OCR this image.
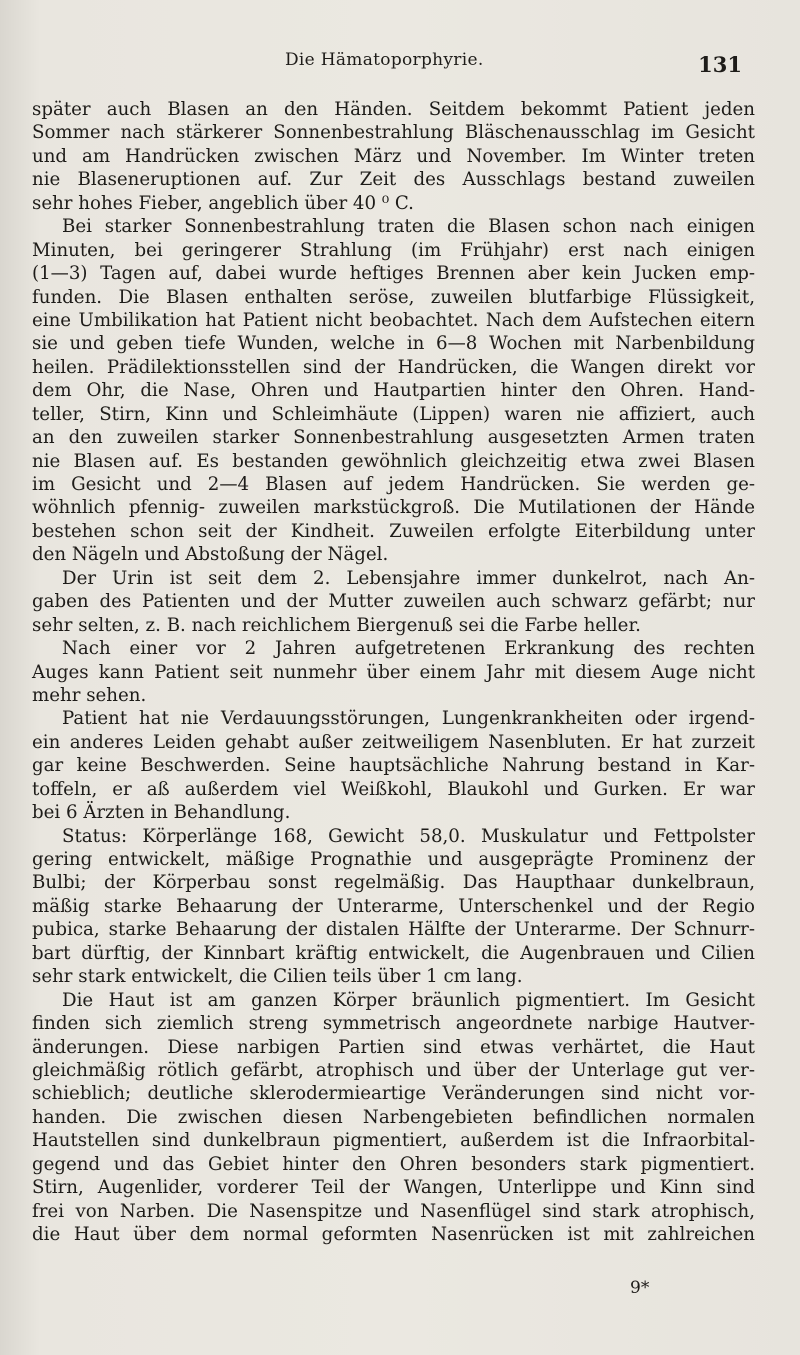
Die Hämatoporphyrie.	131
später auch Blasen an den Händen. Seitdem bekommt Patient jeden
Sommer nach stärkerer Sonnenbestrahlung Bläschenausschlag im Gesicht
und am Handrücken zwischen März und November. Im Winter treten
nie Blaseneruptionen auf. Zur Zeit des Ausschlags bestand zuweilen
sehr hohes Fieber, angeblich über 40 ⁰ C.
Bei starker Sonnenbestrahlung traten die Blasen schon nach einigen
Minuten, bei geringerer Strahlung (im Frühjahr) erst nach einigen
(1—3) Tagen auf, dabei wurde heftiges Brennen aber kein Jucken emp-
funden. Die Blasen enthalten seröse, zuweilen blutfarbige Flüssigkeit,
eine Umbilikation hat Patient nicht beobachtet. Nach dem Aufstechen eitern
sie und geben tiefe Wunden, welche in 6—8 Wochen mit Narbenbildung
heilen. Prädilektionsstellen sind der Handrücken, die Wangen direkt vor
dem Ohr, die Nase, Ohren und Hautpartien hinter den Ohren. Hand-
teller, Stirn, Kinn und Schleimhäute (Lippen) waren nie affiziert, auch
an den zuweilen starker Sonnenbestrahlung ausgesetzten Armen traten
nie Blasen auf. Es bestanden gewöhnlich gleichzeitig etwa zwei Blasen
im Gesicht und 2—4 Blasen auf jedem Handrücken. Sie werden ge-
wöhnlich pfennig- zuweilen markstückgroß. Die Mutilationen der Hände
bestehen schon seit der Kindheit. Zuweilen erfolgte Eiterbildung unter
den Nägeln und Abstoßung der Nägel.
Der Urin ist seit dem 2. Lebensjahre immer dunkelrot, nach An-
gaben des Patienten und der Mutter zuweilen auch schwarz gefärbt; nur
sehr selten, z. B. nach reichlichem Biergenuß sei die Farbe heller.
Nach einer vor 2 Jahren aufgetretenen Erkrankung des rechten
Auges kann Patient seit nunmehr über einem Jahr mit diesem Auge nicht
mehr sehen.
Patient hat nie Verdauungsstörungen, Lungenkrankheiten oder irgend-
ein anderes Leiden gehabt außer zeitweiligem Nasenbluten. Er hat zurzeit
gar keine Beschwerden. Seine hauptsächliche Nahrung bestand in Kar-
toffeln, er aß außerdem viel Weißkohl, Blaukohl und Gurken. Er war
bei 6 Ärzten in Behandlung.
Status: Körperlänge 168, Gewicht 58,0. Muskulatur und Fettpolster
gering entwickelt, mäßige Prognathie und ausgeprägte Prominenz der
Bulbi; der Körperbau sonst regelmäßig. Das Haupthaar dunkelbraun,
mäßig starke Behaarung der Unterarme, Unterschenkel und der Regio
pubica, starke Behaarung der distalen Hälfte der Unterarme. Der Schnurr-
bart dürftig, der Kinnbart kräftig entwickelt, die Augenbrauen und Cilien
sehr stark entwickelt, die Cilien teils über 1 cm lang.
Die Haut ist am ganzen Körper bräunlich pigmentiert. Im Gesicht
finden sich ziemlich streng symmetrisch angeordnete narbige Hautver-
änderungen. Diese narbigen Partien sind etwas verhärtet, die Haut
gleichmäßig rötlich gefärbt, atrophisch und über der Unterlage gut ver-
schieblich; deutliche sklerodermieartige Veränderungen sind nicht vor-
handen. Die zwischen diesen Narbengebieten befindlichen normalen
Hautstellen sind dunkelbraun pigmentiert, außerdem ist die Infraorbital-
gegend und das Gebiet hinter den Ohren besonders stark pigmentiert.
Stirn, Augenlider, vorderer Teil der Wangen, Unterlippe und Kinn sind
frei von Narben. Die Nasenspitze und Nasenflügel sind stark atrophisch,
die Haut über dem normal geformten Nasenrücken ist mit zahlreichen
9*
